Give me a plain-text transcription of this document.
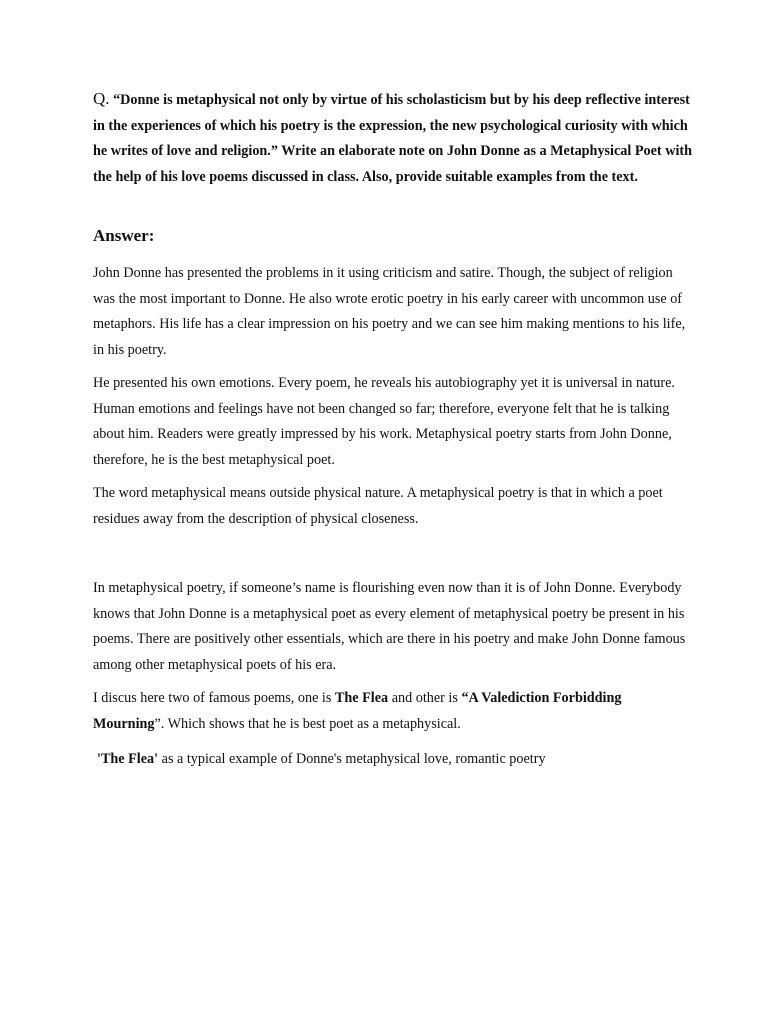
Q. “Donne is metaphysical not only by virtue of his scholasticism but by his deep reflective interest in the experiences of which his poetry is the expression, the new psychological curiosity with which he writes of love and religion.” Write an elaborate note on John Donne as a Metaphysical Poet with the help of his love poems discussed in class. Also, provide suitable examples from the text.
Answer:

John Donne has presented the problems in it using criticism and satire. Though, the subject of religion was the most important to Donne. He also wrote erotic poetry in his early career with uncommon use of metaphors. His life has a clear impression on his poetry and we can see him making mentions to his life, in his poetry.

He presented his own emotions. Every poem, he reveals his autobiography yet it is universal in nature. Human emotions and feelings have not been changed so far; therefore, everyone felt that he is talking about him. Readers were greatly impressed by his work. Metaphysical poetry starts from John Donne, therefore, he is the best metaphysical poet.

The word metaphysical means outside physical nature. A metaphysical poetry is that in which a poet residues away from the description of physical closeness.

In metaphysical poetry, if someone’s name is flourishing even now than it is of John Donne. Everybody knows that John Donne is a metaphysical poet as every element of metaphysical poetry be present in his poems. There are positively other essentials, which are there in his poetry and make John Donne famous among other metaphysical poets of his era.

I discus here two of famous poems, one is The Flea and other is “A Valediction Forbidding Mourning”. Which shows that he is best poet as a metaphysical.

'The Flea' as a typical example of Donne's metaphysical love, romantic poetry
